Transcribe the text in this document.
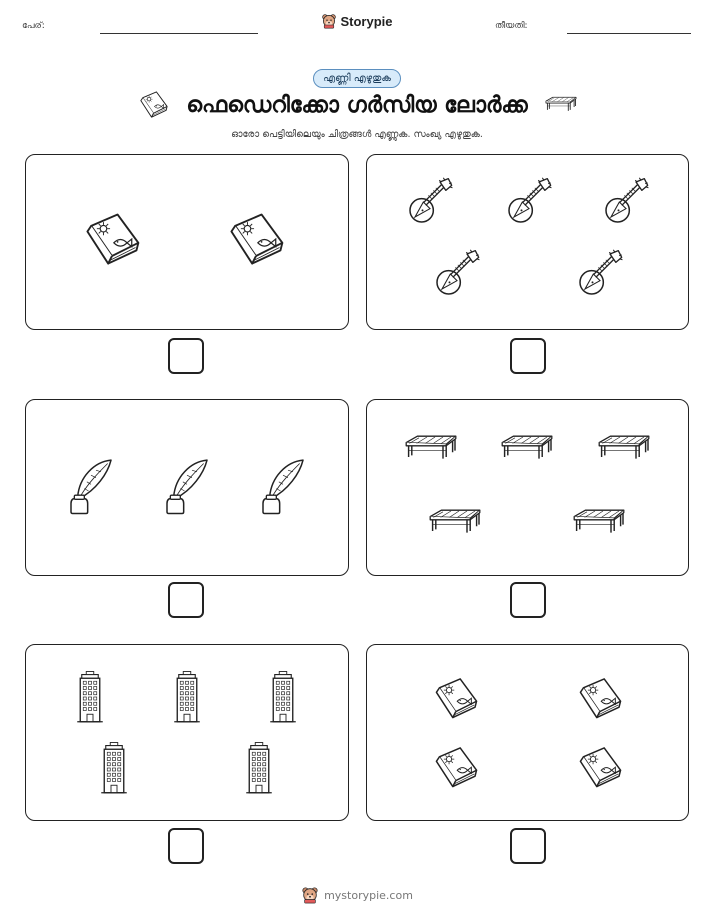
പേര്:	Storypie	തീയതി:
എണ്ണി എഴുതുക
ഫെഡെറിക്കോ ഗർസിയ ലോർക്ക
ഓരോ പെട്ടിയിലെയും ചിത്രങ്ങൾ എണ്ണുക. സംഖ്യ എഴുതുക.
mystorypie.com
